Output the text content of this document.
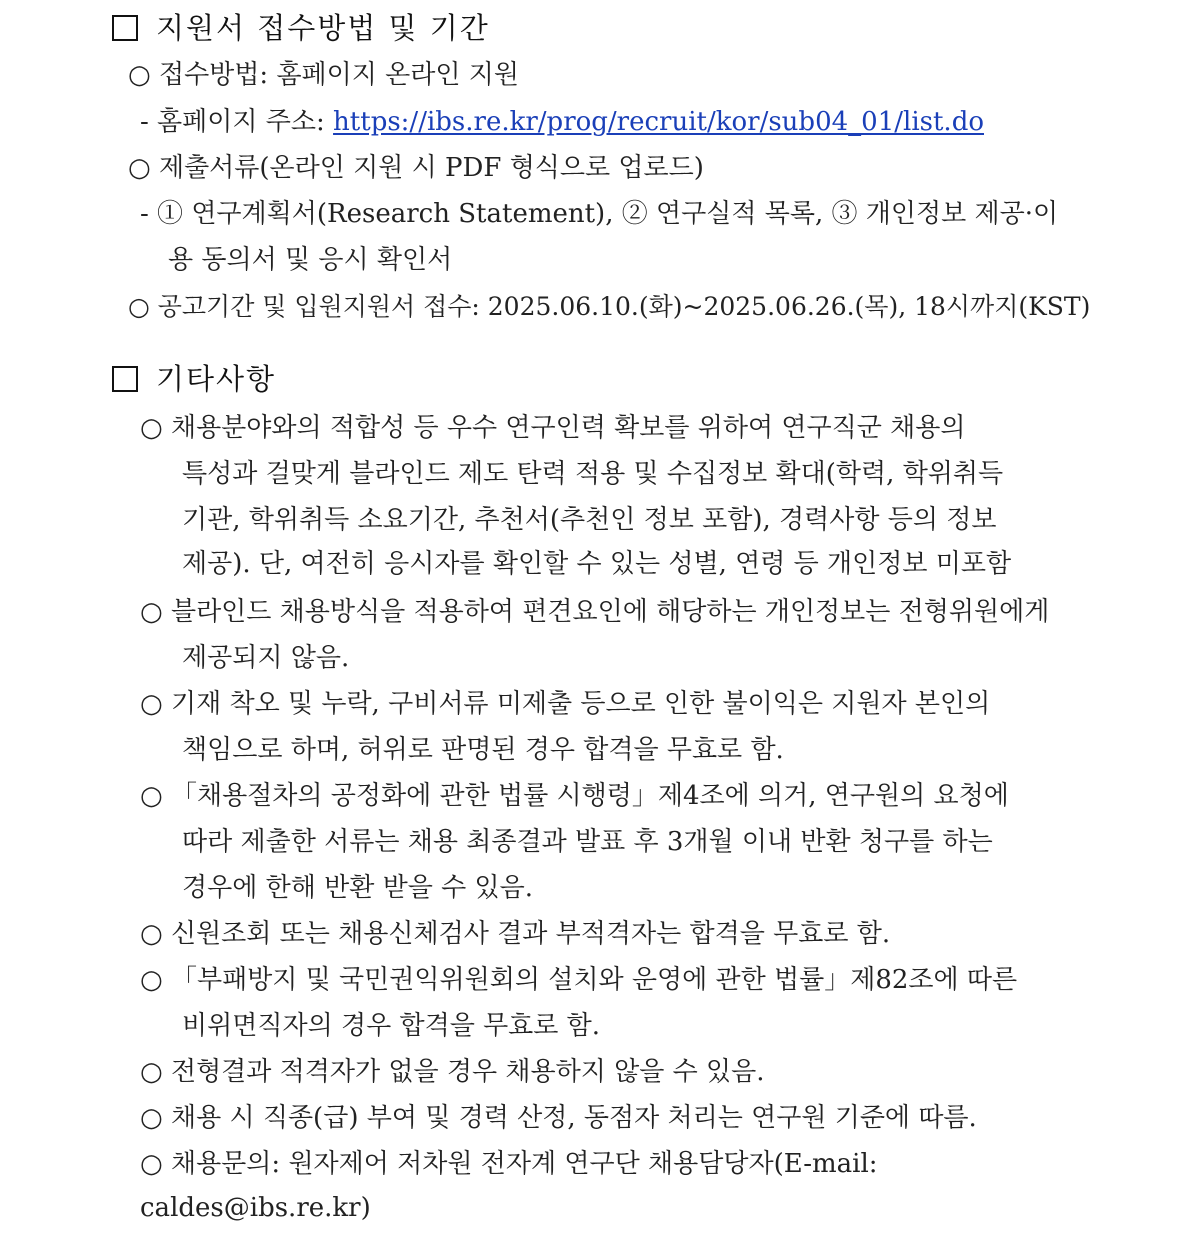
지원서 접수방법 및 기간
○ 접수방법: 홈페이지 온라인 지원
- 홈페이지 주소: https://ibs.re.kr/prog/recruit/kor/sub04_01/list.do
○ 제출서류(온라인 지원 시 PDF 형식으로 업로드)
- ① 연구계획서(Research Statement), ② 연구실적 목록, ③ 개인정보 제공·이
용 동의서 및 응시 확인서
○ 공고기간 및 입원지원서 접수: 2025.06.10.(화)~2025.06.26.(목), 18시까지(KST)
기타사항
○ 채용분야와의 적합성 등 우수 연구인력 확보를 위하여 연구직군 채용의
특성과 걸맞게 블라인드 제도 탄력 적용 및 수집정보 확대(학력, 학위취득
기관, 학위취득 소요기간, 추천서(추천인 정보 포함), 경력사항 등의 정보
제공). 단, 여전히 응시자를 확인할 수 있는 성별, 연령 등 개인정보 미포함
○ 블라인드 채용방식을 적용하여 편견요인에 해당하는 개인정보는 전형위원에게
제공되지 않음.
○ 기재 착오 및 누락, 구비서류 미제출 등으로 인한 불이익은 지원자 본인의
책임으로 하며, 허위로 판명된 경우 합격을 무효로 함.
○ 「채용절차의 공정화에 관한 법률 시행령」제4조에 의거, 연구원의 요청에
따라 제출한 서류는 채용 최종결과 발표 후 3개월 이내 반환 청구를 하는
경우에 한해 반환 받을 수 있음.
○ 신원조회 또는 채용신체검사 결과 부적격자는 합격을 무효로 함.
○ 「부패방지 및 국민권익위원회의 설치와 운영에 관한 법률」제82조에 따른
비위면직자의 경우 합격을 무효로 함.
○ 전형결과 적격자가 없을 경우 채용하지 않을 수 있음.
○ 채용 시 직종(급) 부여 및 경력 산정, 동점자 처리는 연구원 기준에 따름.
○ 채용문의: 원자제어 저차원 전자계 연구단 채용담당자(E-mail:
caldes@ibs.re.kr)
